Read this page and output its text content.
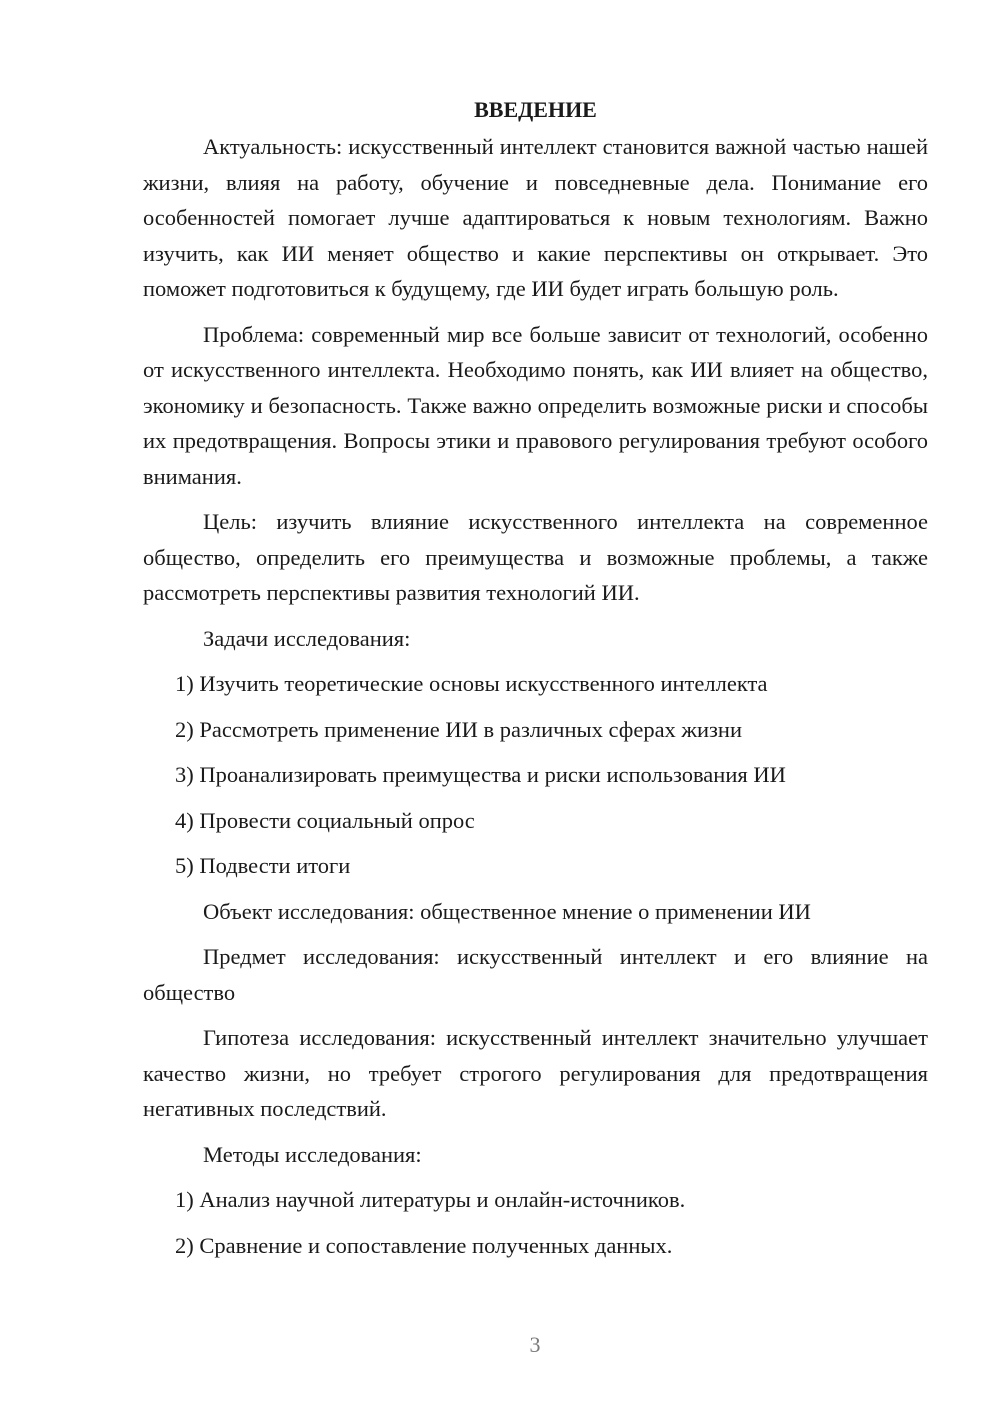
ВВЕДЕНИЕ

Актуальность: искусственный интеллект становится важной частью нашей жизни, влияя на работу, обучение и повседневные дела. Понимание его особенностей помогает лучше адаптироваться к новым технологиям. Важно изучить, как ИИ меняет общество и какие перспективы он открывает. Это поможет подготовиться к будущему, где ИИ будет играть большую роль.

Проблема: современный мир все больше зависит от технологий, особенно от искусственного интеллекта. Необходимо понять, как ИИ влияет на общество, экономику и безопасность. Также важно определить возможные риски и способы их предотвращения. Вопросы этики и правового регулирования требуют особого внимания.

Цель: изучить влияние искусственного интеллекта на современное общество, определить его преимущества и возможные проблемы, а также рассмотреть перспективы развития технологий ИИ.

Задачи исследования:

1) Изучить теоретические основы искусственного интеллекта
2) Рассмотреть применение ИИ в различных сферах жизни
3) Проанализировать преимущества и риски использования ИИ
4) Провести социальный опрос
5) Подвести итоги

Объект исследования: общественное мнение о применении ИИ

Предмет исследования: искусственный интеллект и его влияние на общество

Гипотеза исследования: искусственный интеллект значительно улучшает качество жизни, но требует строгого регулирования для предотвращения негативных последствий.

Методы исследования:

1) Анализ научной литературы и онлайн-источников.
2) Сравнение и сопоставление полученных данных.
3
